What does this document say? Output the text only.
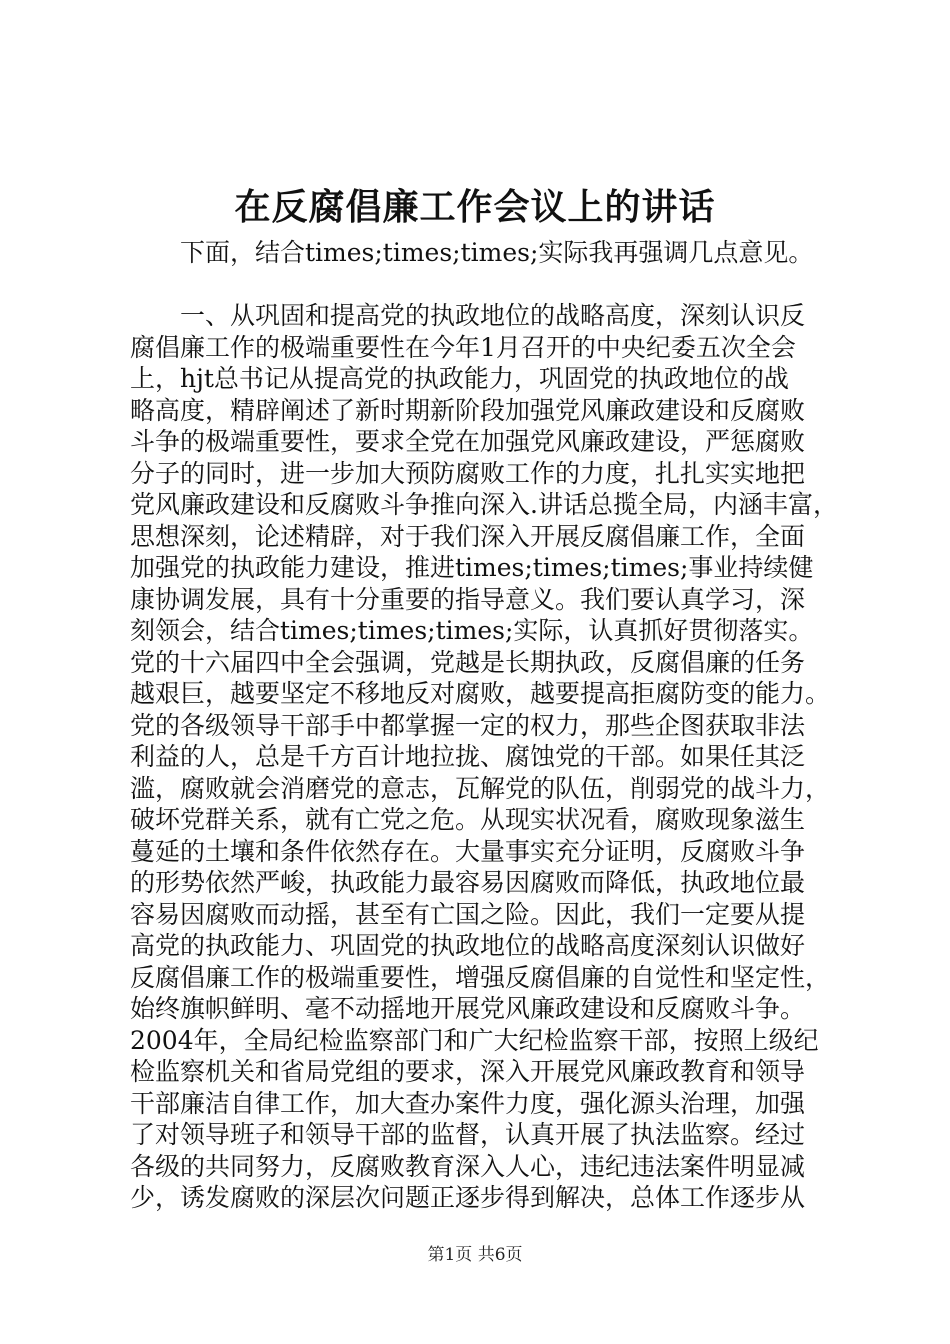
在反腐倡廉工作会议上的讲话
下面，结合times;times;times;实际我再强调几点意见。
　　一、从巩固和提高党的执政地位的战略高度，深刻认识反
腐倡廉工作的极端重要性在今年1月召开的中央纪委五次全会
上，hjt总书记从提高党的执政能力，巩固党的执政地位的战
略高度，精辟阐述了新时期新阶段加强党风廉政建设和反腐败
斗争的极端重要性，要求全党在加强党风廉政建设，严惩腐败
分子的同时，进一步加大预防腐败工作的力度，扎扎实实地把
党风廉政建设和反腐败斗争推向深入.讲话总揽全局，内涵丰富，
思想深刻，论述精辟，对于我们深入开展反腐倡廉工作，全面
加强党的执政能力建设，推进times;times;times;事业持续健
康协调发展，具有十分重要的指导意义。我们要认真学习，深
刻领会，结合times;times;times;实际，认真抓好贯彻落实。
党的十六届四中全会强调，党越是长期执政，反腐倡廉的任务
越艰巨，越要坚定不移地反对腐败，越要提高拒腐防变的能力。
党的各级领导干部手中都掌握一定的权力，那些企图获取非法
利益的人，总是千方百计地拉拢、腐蚀党的干部。如果任其泛
滥，腐败就会消磨党的意志，瓦解党的队伍，削弱党的战斗力，
破坏党群关系，就有亡党之危。从现实状况看，腐败现象滋生
蔓延的土壤和条件依然存在。大量事实充分证明，反腐败斗争
的形势依然严峻，执政能力最容易因腐败而降低，执政地位最
容易因腐败而动摇，甚至有亡国之险。因此，我们一定要从提
高党的执政能力、巩固党的执政地位的战略高度深刻认识做好
反腐倡廉工作的极端重要性，增强反腐倡廉的自觉性和坚定性，
始终旗帜鲜明、毫不动摇地开展党风廉政建设和反腐败斗争。
2004年，全局纪检监察部门和广大纪检监察干部，按照上级纪
检监察机关和省局党组的要求，深入开展党风廉政教育和领导
干部廉洁自律工作，加大查办案件力度，强化源头治理，加强
了对领导班子和领导干部的监督，认真开展了执法监察。经过
各级的共同努力，反腐败教育深入人心，违纪违法案件明显减
少，诱发腐败的深层次问题正逐步得到解决，总体工作逐步从
第1页 共6页
